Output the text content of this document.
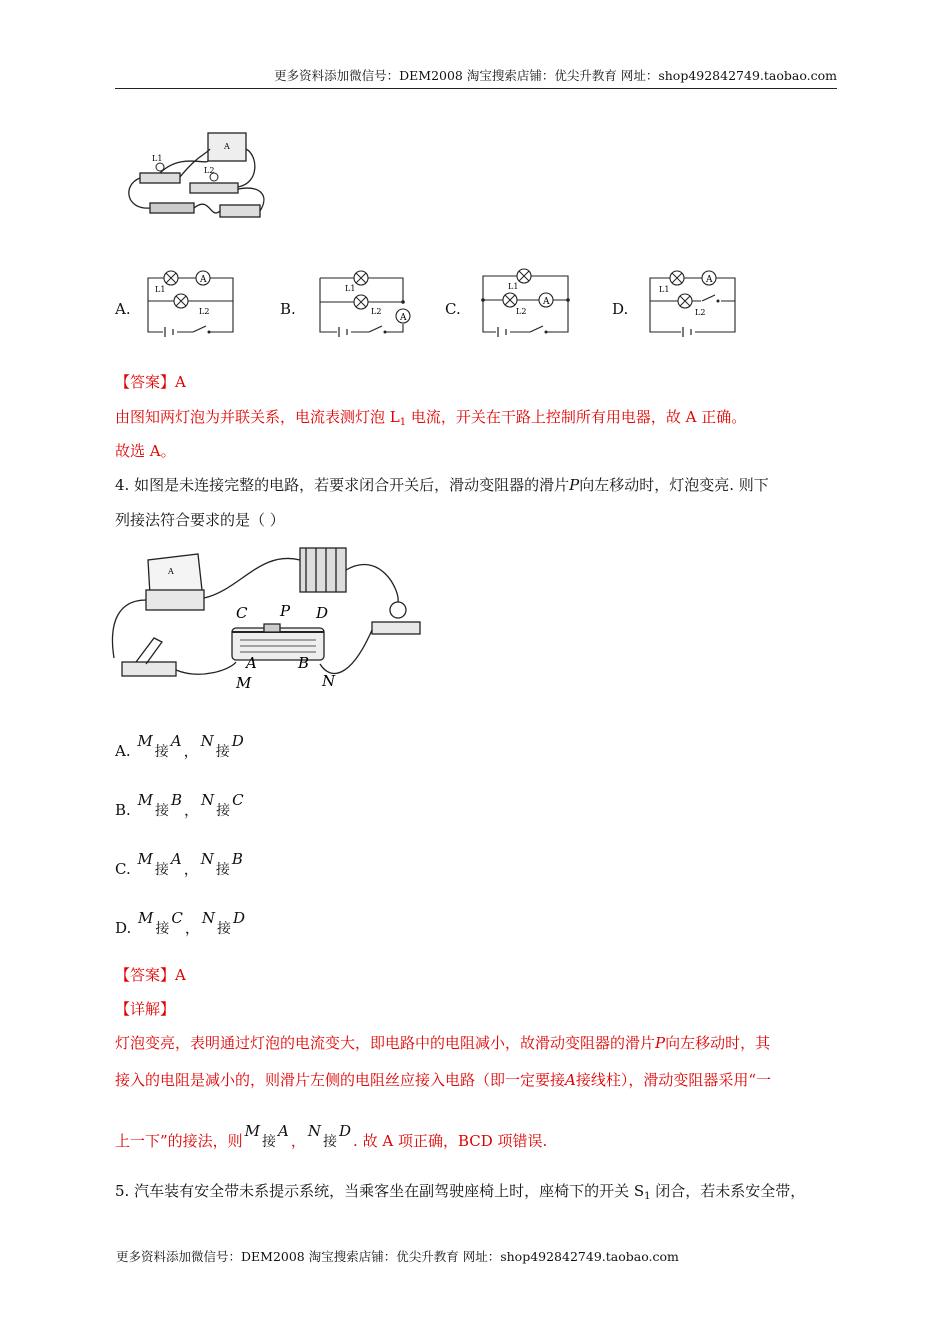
更多资料添加微信号：DEM2008 淘宝搜索店铺：优尖升教育 网址：shop492842749.taobao.com
L1
L2
A
A.
A
L1
L2	B.	A
L1
L2	C.	A
L1
L2	D.
A
L1
L2
【答案】A
由图知两灯泡为并联关系，电流表测灯泡 $L_1$ 电流，开关在干路上控制所有用电器，故 A 正确。
故选 A。
4. 如图是未连接完整的电路，若要求闭合开关后，滑动变阻器的滑片P向左移动时，灯泡变亮. 则下
列接法符合要求的是（ ）
A
C P D
A	B
M	N
A. M接A，N接D
B. M接B，N接C
C. M接A，N接B
D. M接C，N接D
【答案】A
【详解】
灯泡变亮，表明通过灯泡的电流变大，即电路中的电阻减小，故滑动变阻器的滑片P向左移动时，其
接入的电阻是减小的，则滑片左侧的电阻丝应接入电路（即一定要接A接线柱），滑动变阻器采用“一
上一下”的接法，则M接A，N接D. 故 A 项正确，BCD 项错误.
5. 汽车装有安全带未系提示系统，当乘客坐在副驾驶座椅上时，座椅下的开关 $S_1$ 闭合，若未系安全带，
更多资料添加微信号：DEM2008 淘宝搜索店铺：优尖升教育 网址：shop492842749.taobao.com
